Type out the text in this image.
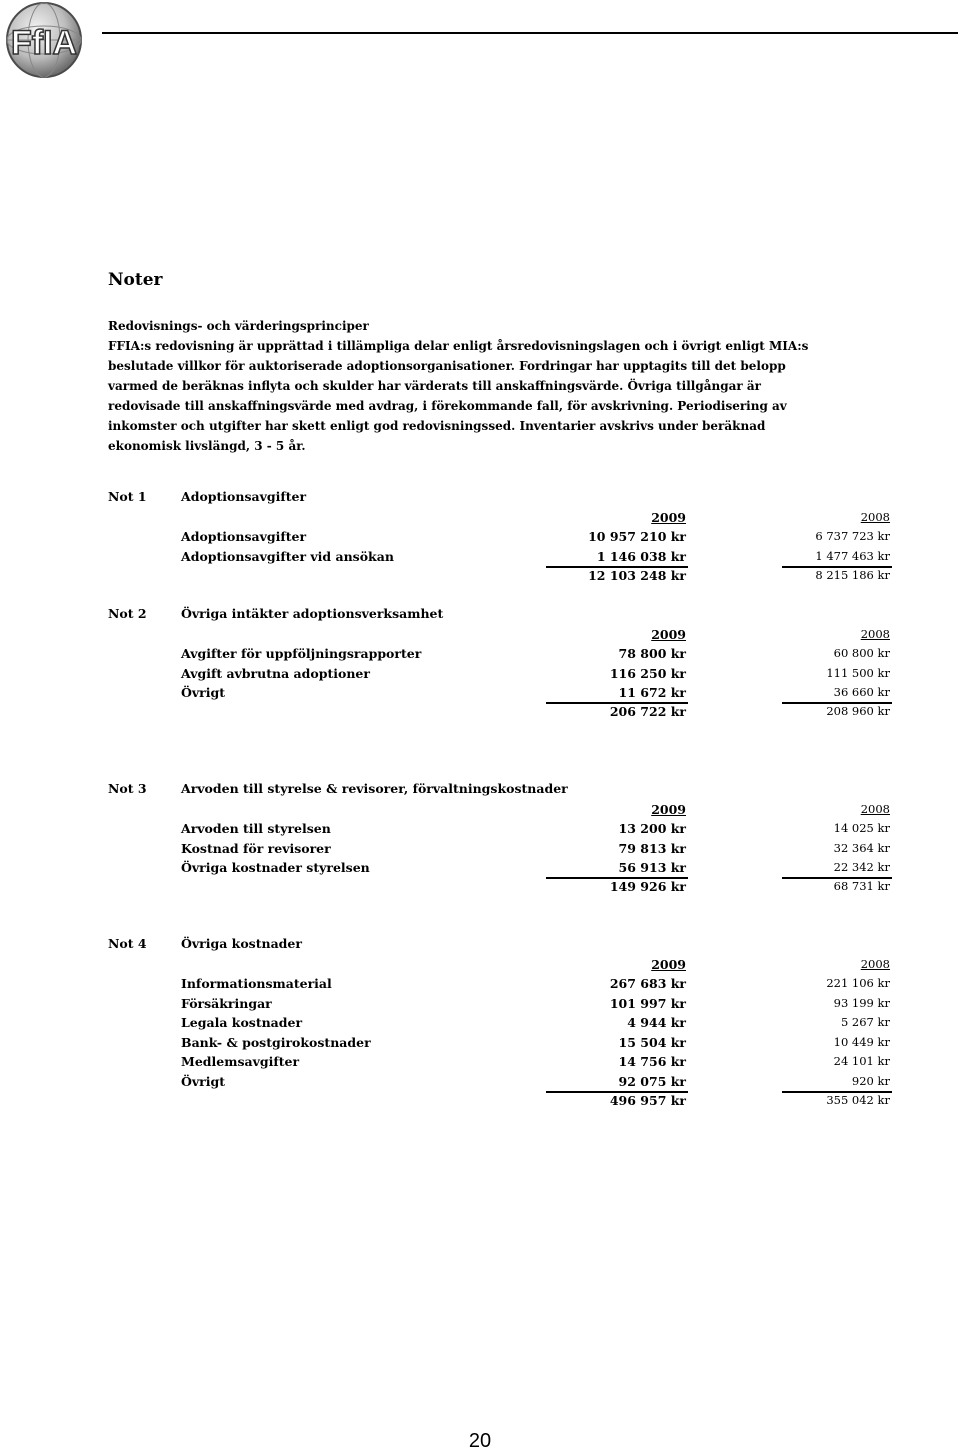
FfIA
Noter
Redovisnings- och värderingsprinciper
FFIA:s redovisning är upprättad i tillämpliga delar enligt årsredovisningslagen och i övrigt enligt MIA:s beslutade villkor för auktoriserade adoptionsorganisationer. Fordringar har upptagits till det belopp varmed de beräknas inflyta och skulder har värderats till anskaffningsvärde. Övriga tillgångar är redovisade till anskaffningsvärde med avdrag, i förekommande fall, för avskrivning. Periodisering av inkomster och utgifter har skett enligt god redovisningssed. Inventarier avskrivs under beräknad ekonomisk livslängd, 3 - 5 år.
Not 1	Adoptionsavgifter
2009	2008
Adoptionsavgifter	10 957 210 kr	6 737 723 kr
Adoptionsavgifter vid ansökan	1 146 038 kr	1 477 463 kr
12 103 248 kr	8 215 186 kr
Not 2	Övriga intäkter adoptionsverksamhet
2009	2008
Avgifter för uppföljningsrapporter	78 800 kr	60 800 kr
Avgift avbrutna adoptioner	116 250 kr	111 500 kr
Övrigt	11 672 kr	36 660 kr
206 722 kr	208 960 kr
Not 3	Arvoden till styrelse & revisorer, förvaltningskostnader
2009	2008
Arvoden till styrelsen	13 200 kr	14 025 kr
Kostnad för revisorer	79 813 kr	32 364 kr
Övriga kostnader styrelsen	56 913 kr	22 342 kr
149 926 kr	68 731 kr
Not 4	Övriga kostnader
2009	2008
Informationsmaterial	267 683 kr	221 106 kr
Försäkringar	101 997 kr	93 199 kr
Legala kostnader	4 944 kr	5 267 kr
Bank- & postgirokostnader	15 504 kr	10 449 kr
Medlemsavgifter	14 756 kr	24 101 kr
Övrigt	92 075 kr	920 kr
496 957 kr	355 042 kr
20
